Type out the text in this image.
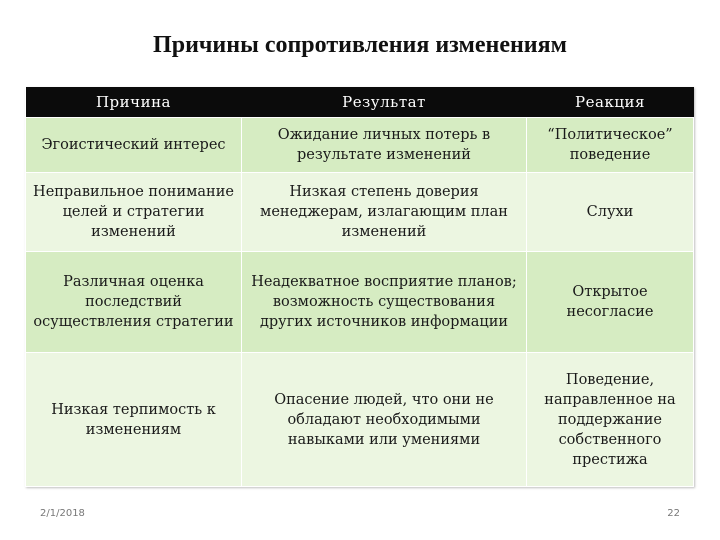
Причины сопротивления изменениям
Причина	Результат	Реакция
Эгоистический интерес	Ожидание личных потерь в результате изменений	“Политическое” поведение
Неправильное понимание целей и стратегии изменений	Низкая степень доверия менеджерам, излагающим план изменений	Слухи
Различная оценка последствий осуществления стратегии	Неадекватное восприятие планов; возможность существования других источников информации	Открытое несогласие
Низкая терпимость к изменениям	Опасение людей, что они не обладают необходимыми навыками или умениями	Поведение, направленное на поддержание собственного престижа
2/1/2018	22
